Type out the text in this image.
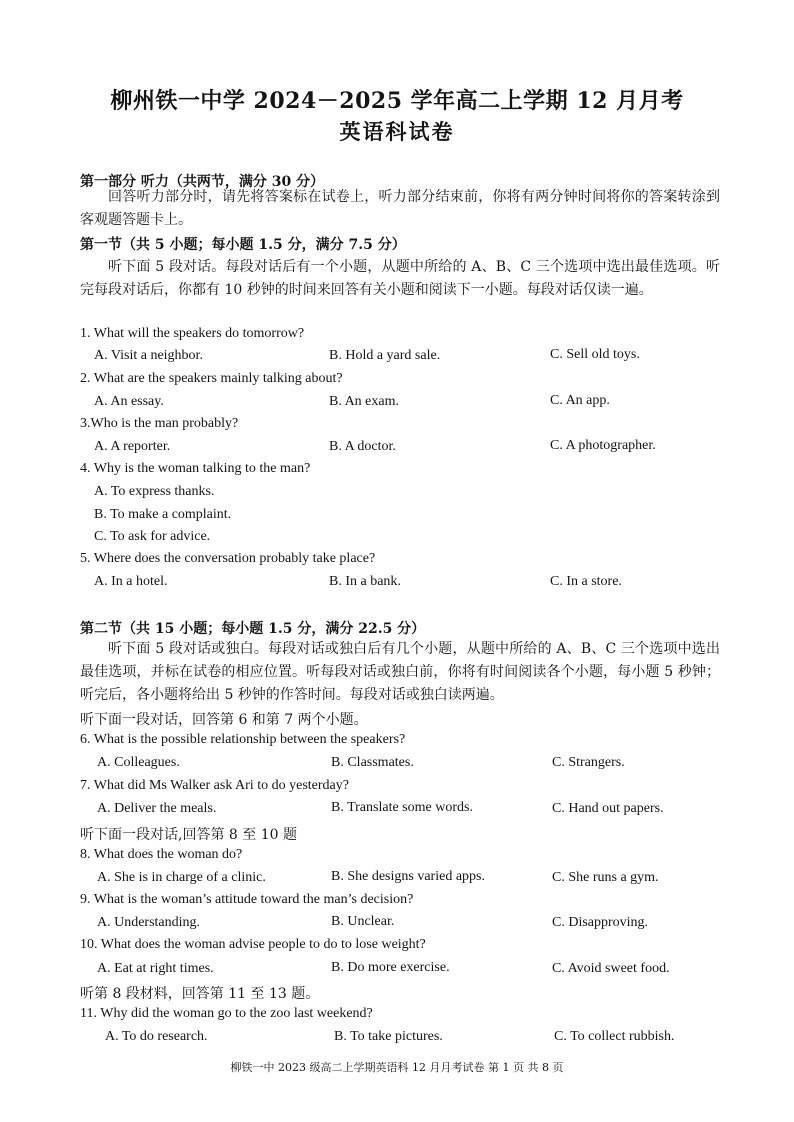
柳州铁一中学 2024－2025 学年高二上学期 12 月月考
英语科试卷
第一部分 听力（共两节，满分 30 分）
回答听力部分时，请先将答案标在试卷上，听力部分结束前，你将有两分钟时间将你的答案转涂到客观题答题卡上。
第一节（共 5 小题；每小题 1.5 分，满分 7.5 分）
听下面 5 段对话。每段对话后有一个小题，从题中所给的 A、B、C 三个选项中选出最佳选项。听完每段对话后，你都有 10 秒钟的时间来回答有关小题和阅读下一小题。每段对话仅读一遍。
1. What will the speakers do tomorrow?
A. Visit a neighbor.	B. Hold a yard sale.	C. Sell old toys.
2. What are the speakers mainly talking about?
A. An essay.	B. An exam.	C. An app.
3.Who is the man probably?
A. A reporter.	B. A doctor.	C. A photographer.
4. Why is the woman talking to the man?
A. To express thanks.
B. To make a complaint.
C. To ask for advice.
5. Where does the conversation probably take place?
A. In a hotel.	B. In a bank.	C. In a store.
第二节（共 15 小题；每小题 1.5 分，满分 22.5 分）
听下面 5 段对话或独白。每段对话或独白后有几个小题，从题中所给的 A、B、C 三个选项中选出最佳选项，并标在试卷的相应位置。听每段对话或独白前，你将有时间阅读各个小题，每小题 5 秒钟；听完后，各小题将给出 5 秒钟的作答时间。每段对话或独白读两遍。
听下面一段对话，回答第 6 和第 7 两个小题。
6. What is the possible relationship between the speakers?
A. Colleagues.	B. Classmates.	C. Strangers.
7. What did Ms Walker ask Ari to do yesterday?
A. Deliver the meals.	B. Translate some words.	C. Hand out papers.
听下面一段对话,回答第 8 至 10 题
8. What does the woman do?
A. She is in charge of a clinic.	B. She designs varied apps.	C. She runs a gym.
9. What is the woman’s attitude toward the man’s decision?
A. Understanding.	B. Unclear.	C. Disapproving.
10. What does the woman advise people to do to lose weight?
A. Eat at right times.	B. Do more exercise.	C. Avoid sweet food.
听第 8 段材料，回答第 11 至 13 题。
11. Why did the woman go to the zoo last weekend?
A. To do research.	B. To take pictures.	C. To collect rubbish.
柳铁一中 2023 级高二上学期英语科 12 月月考试卷 第 1 页 共 8 页
